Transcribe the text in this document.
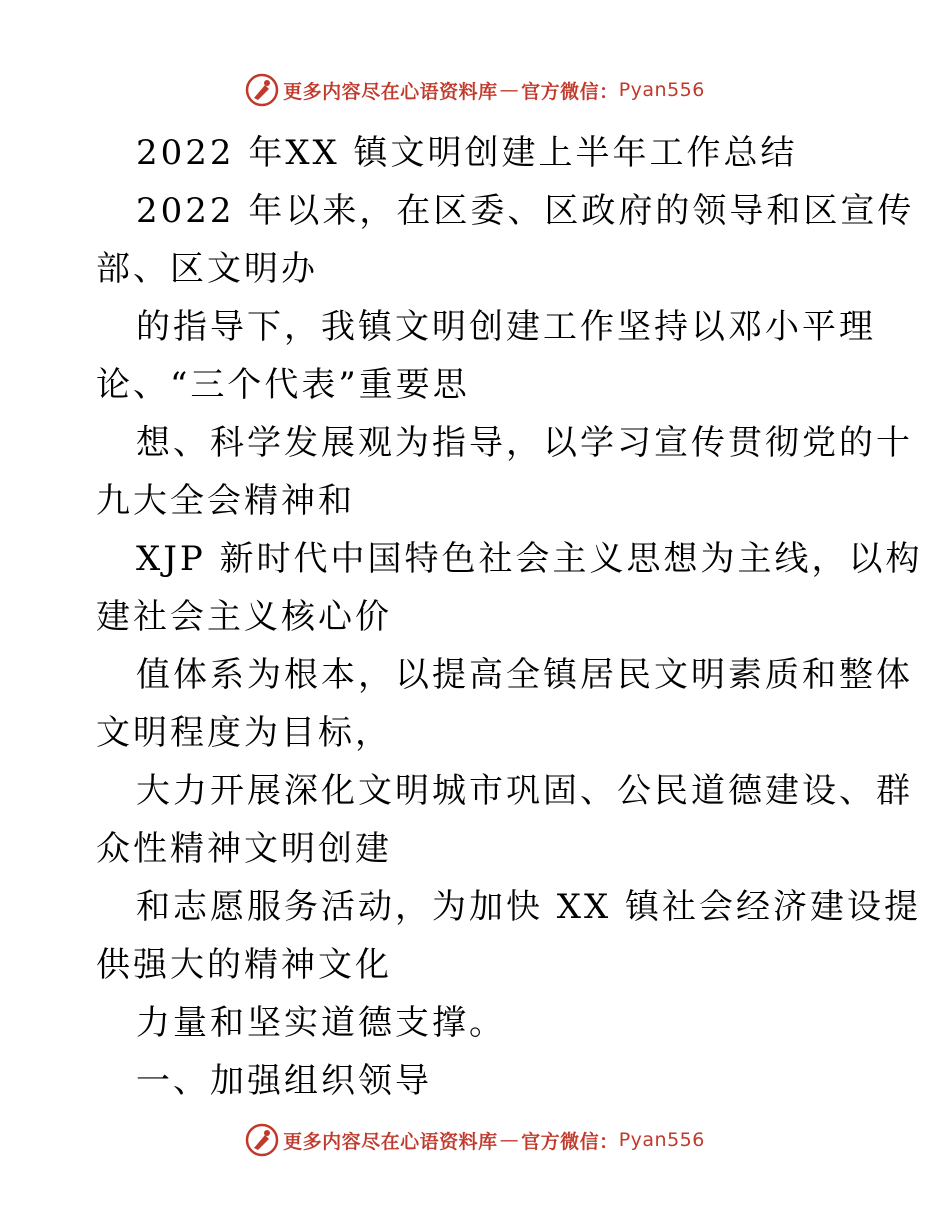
更多内容尽在心语资料库 — 官方微信： Pyan556
2022 年XX 镇文明创建上半年工作总结
2022 年以来，在区委、区政府的领导和区宣传
部、区文明办
的指导下，我镇文明创建工作坚持以邓小平理
论、“三个代表”重要思
想、科学发展观为指导，以学习宣传贯彻党的十
九大全会精神和
XJP 新时代中国特色社会主义思想为主线，以构
建社会主义核心价
值体系为根本，以提高全镇居民文明素质和整体
文明程度为目标，
大力开展深化文明城市巩固、公民道德建设、群
众性精神文明创建
和志愿服务活动，为加快 XX 镇社会经济建设提
供强大的精神文化
力量和坚实道德支撑。
一、加强组织领导
更多内容尽在心语资料库 — 官方微信： Pyan556
